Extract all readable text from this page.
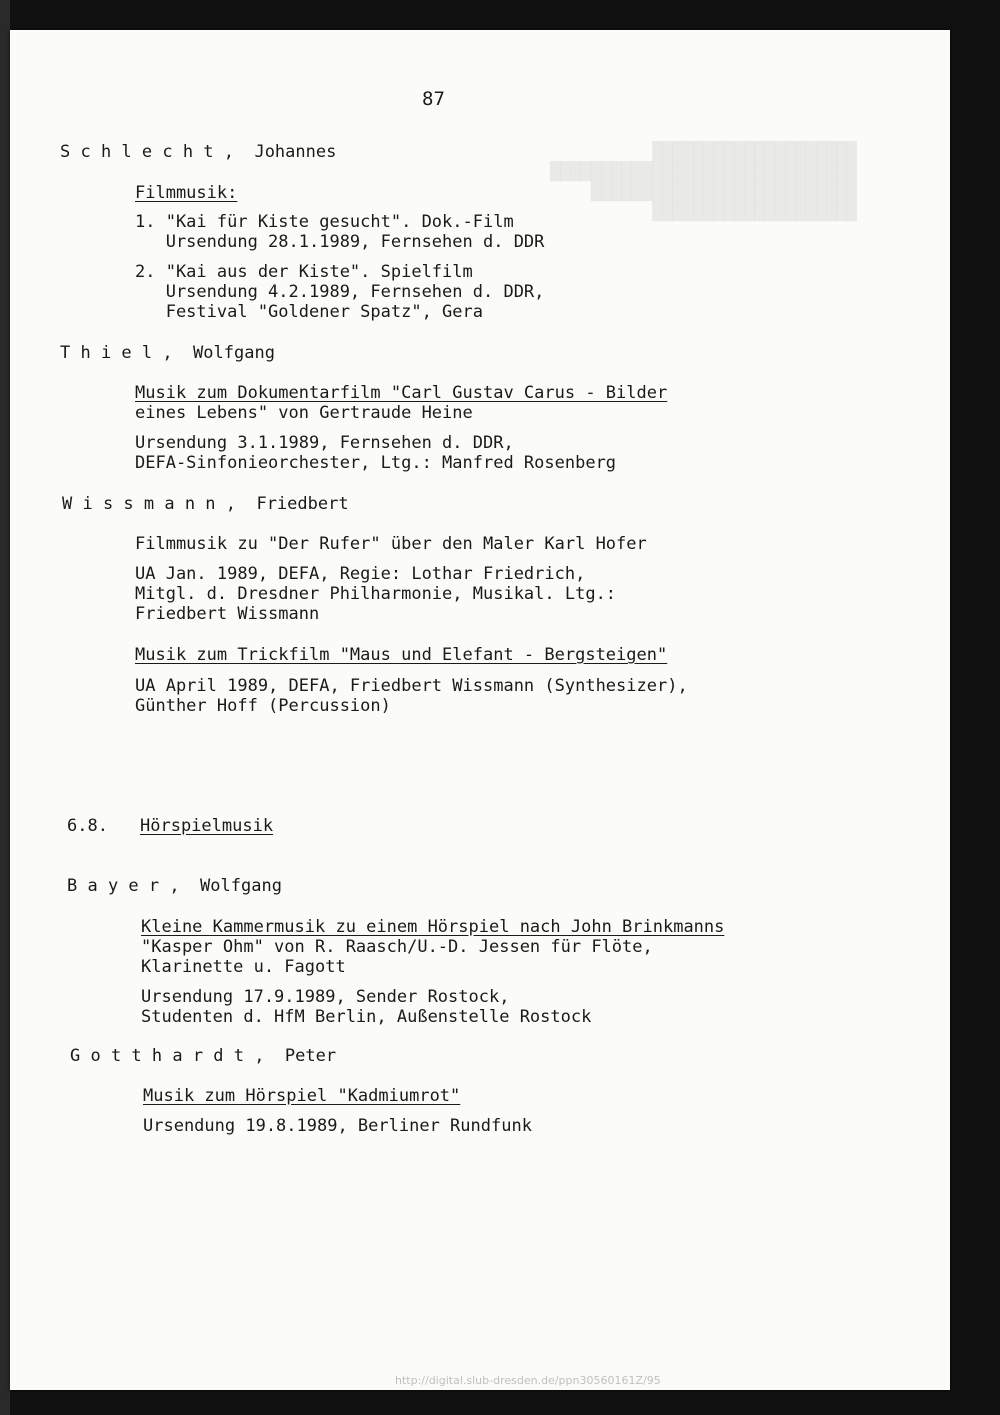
████████████████████
██████████████████████████████
██████████████████████████
████████████████████
87
S c h l e c h t ,  Johannes
Filmmusik:
1. "Kai für Kiste gesucht". Dok.-Film
Ursendung 28.1.1989, Fernsehen d. DDR
2. "Kai aus der Kiste". Spielfilm
Ursendung 4.2.1989, Fernsehen d. DDR,
Festival "Goldener Spatz", Gera
T h i e l ,  Wolfgang
Musik zum Dokumentarfilm "Carl Gustav Carus - Bilder
eines Lebens" von Gertraude Heine
Ursendung 3.1.1989, Fernsehen d. DDR,
DEFA-Sinfonieorchester, Ltg.: Manfred Rosenberg
W i s s m a n n ,  Friedbert
Filmmusik zu "Der Rufer" über den Maler Karl Hofer
UA Jan. 1989, DEFA, Regie: Lothar Friedrich,
Mitgl. d. Dresdner Philharmonie, Musikal. Ltg.:
Friedbert Wissmann
Musik zum Trickfilm "Maus und Elefant - Bergsteigen"
UA April 1989, DEFA, Friedbert Wissmann (Synthesizer),
Günther Hoff (Percussion)
6.8. Hörspielmusik
B a y e r ,  Wolfgang
Kleine Kammermusik zu einem Hörspiel nach John Brinkmanns
"Kasper Ohm" von R. Raasch/U.-D. Jessen für Flöte,
Klarinette u. Fagott
Ursendung 17.9.1989, Sender Rostock,
Studenten d. HfM Berlin, Außenstelle Rostock
G o t t h a r d t ,  Peter
Musik zum Hörspiel "Kadmiumrot"
Ursendung 19.8.1989, Berliner Rundfunk
http://digital.slub-dresden.de/ppn30560161Z/95
